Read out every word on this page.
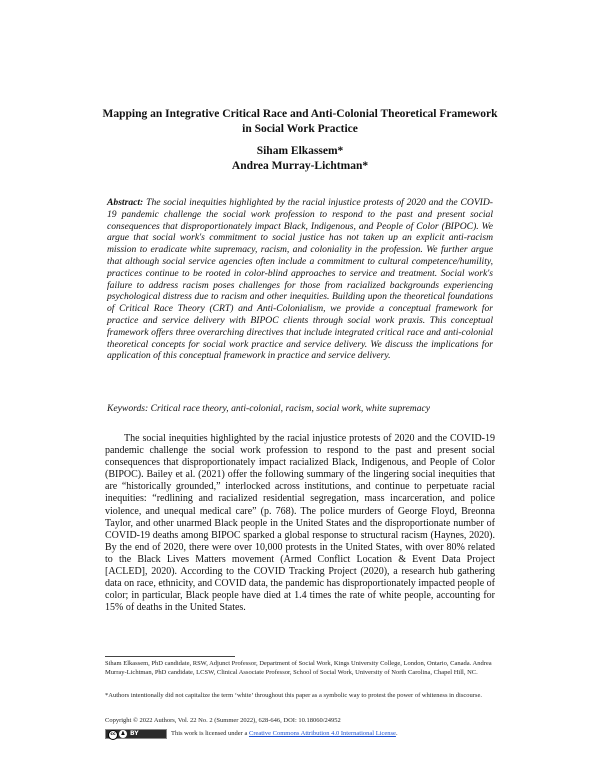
Mapping an Integrative Critical Race and Anti-Colonial Theoretical Framework in Social Work Practice
Siham Elkassem*
Andrea Murray-Lichtman*
Abstract: The social inequities highlighted by the racial injustice protests of 2020 and the COVID-19 pandemic challenge the social work profession to respond to the past and present social consequences that disproportionately impact Black, Indigenous, and People of Color (BIPOC). We argue that social work's commitment to social justice has not taken up an explicit anti-racism mission to eradicate white supremacy, racism, and coloniality in the profession. We further argue that although social service agencies often include a commitment to cultural competence/humility, practices continue to be rooted in color-blind approaches to service and treatment. Social work's failure to address racism poses challenges for those from racialized backgrounds experiencing psychological distress due to racism and other inequities. Building upon the theoretical foundations of Critical Race Theory (CRT) and Anti-Colonialism, we provide a conceptual framework for practice and service delivery with BIPOC clients through social work praxis. This conceptual framework offers three overarching directives that include integrated critical race and anti-colonial theoretical concepts for social work practice and service delivery. We discuss the implications for application of this conceptual framework in practice and service delivery.
Keywords: Critical race theory, anti-colonial, racism, social work, white supremacy
The social inequities highlighted by the racial injustice protests of 2020 and the COVID-19 pandemic challenge the social work profession to respond to the past and present social consequences that disproportionately impact racialized Black, Indigenous, and People of Color (BIPOC). Bailey et al. (2021) offer the following summary of the lingering social inequities that are “historically grounded,” interlocked across institutions, and continue to perpetuate racial inequities: “redlining and racialized residential segregation, mass incarceration, and police violence, and unequal medical care” (p. 768). The police murders of George Floyd, Breonna Taylor, and other unarmed Black people in the United States and the disproportionate number of COVID-19 deaths among BIPOC sparked a global response to structural racism (Haynes, 2020). By the end of 2020, there were over 10,000 protests in the United States, with over 80% related to the Black Lives Matters movement (Armed Conflict Location & Event Data Project [ACLED], 2020). According to the COVID Tracking Project (2020), a research hub gathering data on race, ethnicity, and COVID data, the pandemic has disproportionately impacted people of color; in particular, Black people have died at 1.4 times the rate of white people, accounting for 15% of deaths in the United States.
Siham Elkassem, PhD candidate, RSW, Adjunct Professor, Department of Social Work, Kings University College, London, Ontario, Canada. Andrea Murray-Lichtman, PhD candidate, LCSW, Clinical Associate Professor, School of Social Work, University of North Carolina, Chapel Hill, NC.
*Authors intentionally did not capitalize the term ‘white’ throughout this paper as a symbolic way to protest the power of whiteness in discourse.
Copyright © 2022 Authors, Vol. 22 No. 2 (Summer 2022), 628-646, DOI: 10.18060/24952
cc ♟ BY	This work is licensed under a Creative Commons Attribution 4.0 International License.
